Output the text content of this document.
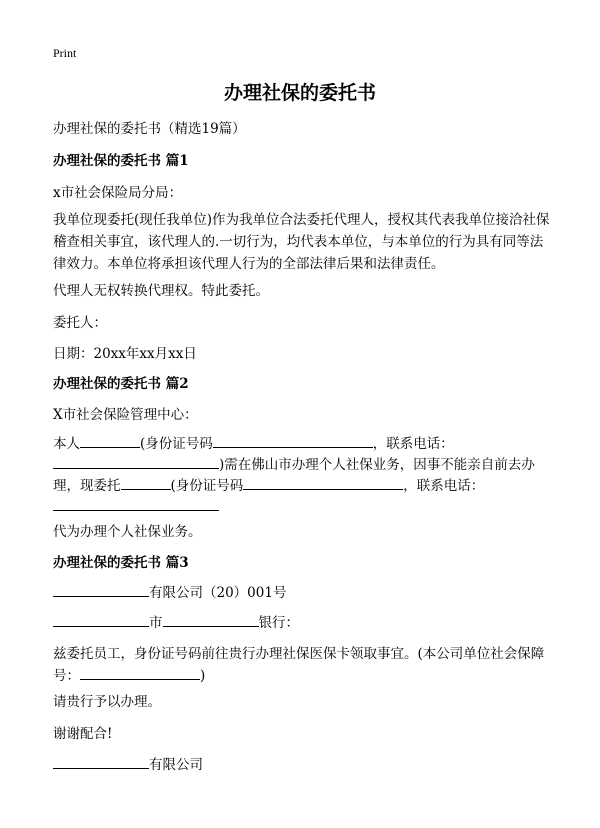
Print
办理社保的委托书
办理社保的委托书（精选19篇）
办理社保的委托书 篇1
x市社会保险局分局：
我单位现委托(现任我单位)作为我单位合法委托代理人，授权其代表我单位接洽社保稽查相关事宜，该代理人的.一切行为，均代表本单位，与本单位的行为具有同等法律效力。本单位将承担该代理人行为的全部法律后果和法律责任。
代理人无权转换代理权。特此委托。
委托人：
日期：20xx年xx月xx日
办理社保的委托书 篇2
X市社会保险管理中心：
本人	(身份证号码	，联系电话：
)需在佛山市办理个人社保业务，因事不能亲自前去办
理，现委托	(身份证号码	，联系电话：
代为办理个人社保业务。
办理社保的委托书 篇3
有限公司（20）001号
市	银行：
兹委托员工，身份证号码前往贵行办理社保医保卡领取事宜。(本公司单位社会保障号：	)
请贵行予以办理。
谢谢配合!
有限公司
